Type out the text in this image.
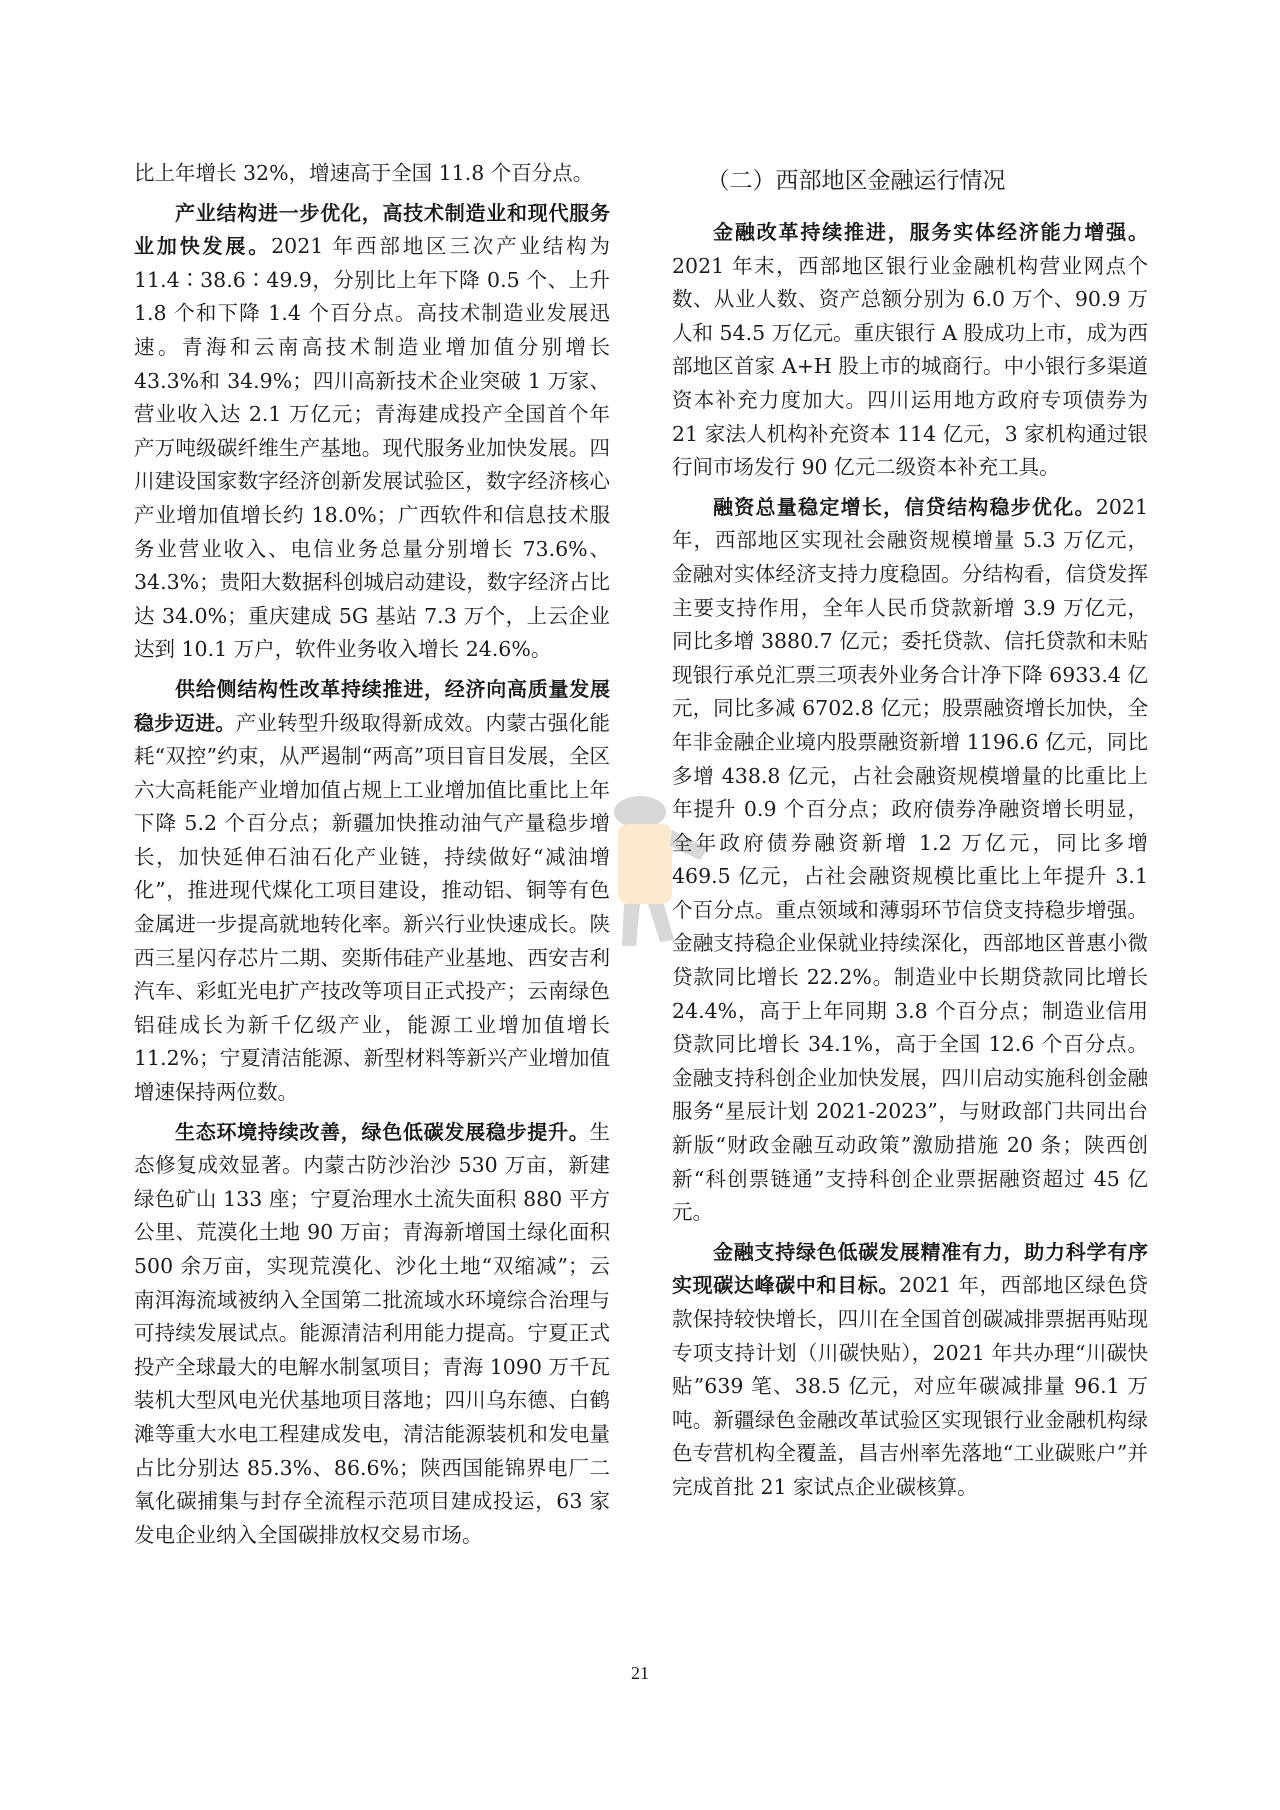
比上年增长 32%，增速高于全国 11.8 个百分点。

产业结构进一步优化，高技术制造业和现代服务业加快发展。2021 年西部地区三次产业结构为 11.4∶38.6∶49.9，分别比上年下降 0.5 个、上升 1.8 个和下降 1.4 个百分点。高技术制造业发展迅速。青海和云南高技术制造业增加值分别增长 43.3%和 34.9%；四川高新技术企业突破 1 万家、营业收入达 2.1 万亿元；青海建成投产全国首个年产万吨级碳纤维生产基地。现代服务业加快发展。四川建设国家数字经济创新发展试验区，数字经济核心产业增加值增长约 18.0%；广西软件和信息技术服务业营业收入、电信业务总量分别增长 73.6%、34.3%；贵阳大数据科创城启动建设，数字经济占比达 34.0%；重庆建成 5G 基站 7.3 万个，上云企业达到 10.1 万户，软件业务收入增长 24.6%。

供给侧结构性改革持续推进，经济向高质量发展稳步迈进。产业转型升级取得新成效。内蒙古强化能耗“双控”约束，从严遏制“两高”项目盲目发展，全区六大高耗能产业增加值占规上工业增加值比重比上年下降 5.2 个百分点；新疆加快推动油气产量稳步增长，加快延伸石油石化产业链，持续做好“减油增化”，推进现代煤化工项目建设，推动铝、铜等有色金属进一步提高就地转化率。新兴行业快速成长。陕西三星闪存芯片二期、奕斯伟硅产业基地、西安吉利汽车、彩虹光电扩产技改等项目正式投产；云南绿色铝硅成长为新千亿级产业，能源工业增加值增长 11.2%；宁夏清洁能源、新型材料等新兴产业增加值增速保持两位数。

生态环境持续改善，绿色低碳发展稳步提升。生态修复成效显著。内蒙古防沙治沙 530 万亩，新建绿色矿山 133 座；宁夏治理水土流失面积 880 平方公里、荒漠化土地 90 万亩；青海新增国土绿化面积 500 余万亩，实现荒漠化、沙化土地“双缩减”；云南洱海流域被纳入全国第二批流域水环境综合治理与可持续发展试点。能源清洁利用能力提高。宁夏正式投产全球最大的电解水制氢项目；青海 1090 万千瓦装机大型风电光伏基地项目落地；四川乌东德、白鹤滩等重大水电工程建成发电，清洁能源装机和发电量占比分别达 85.3%、86.6%；陕西国能锦界电厂二氧化碳捕集与封存全流程示范项目建成投运，63 家发电企业纳入全国碳排放权交易市场。

（二）西部地区金融运行情况

金融改革持续推进，服务实体经济能力增强。2021 年末，西部地区银行业金融机构营业网点个数、从业人数、资产总额分别为 6.0 万个、90.9 万人和 54.5 万亿元。重庆银行 A 股成功上市，成为西部地区首家 A+H 股上市的城商行。中小银行多渠道资本补充力度加大。四川运用地方政府专项债券为 21 家法人机构补充资本 114 亿元，3 家机构通过银行间市场发行 90 亿元二级资本补充工具。

融资总量稳定增长，信贷结构稳步优化。2021 年，西部地区实现社会融资规模增量 5.3 万亿元，金融对实体经济支持力度稳固。分结构看，信贷发挥主要支持作用，全年人民币贷款新增 3.9 万亿元，同比多增 3880.7 亿元；委托贷款、信托贷款和未贴现银行承兑汇票三项表外业务合计净下降 6933.4 亿元，同比多减 6702.8 亿元；股票融资增长加快，全年非金融企业境内股票融资新增 1196.6 亿元，同比多增 438.8 亿元，占社会融资规模增量的比重比上年提升 0.9 个百分点；政府债券净融资增长明显，全年政府债券融资新增 1.2 万亿元，同比多增 469.5 亿元，占社会融资规模比重比上年提升 3.1 个百分点。重点领域和薄弱环节信贷支持稳步增强。金融支持稳企业保就业持续深化，西部地区普惠小微贷款同比增长 22.2%。制造业中长期贷款同比增长 24.4%，高于上年同期 3.8 个百分点；制造业信用贷款同比增长 34.1%，高于全国 12.6 个百分点。金融支持科创企业加快发展，四川启动实施科创金融服务“星辰计划 2021-2023”，与财政部门共同出台新版“财政金融互动政策”激励措施 20 条；陕西创新“科创票链通”支持科创企业票据融资超过 45 亿元。

金融支持绿色低碳发展精准有力，助力科学有序实现碳达峰碳中和目标。2021 年，西部地区绿色贷款保持较快增长，四川在全国首创碳减排票据再贴现专项支持计划（川碳快贴），2021 年共办理“川碳快贴”639 笔、38.5 亿元，对应年碳减排量 96.1 万吨。新疆绿色金融改革试验区实现银行业金融机构绿色专营机构全覆盖，昌吉州率先落地“工业碳账户”并完成首批 21 家试点企业碳核算。

21
